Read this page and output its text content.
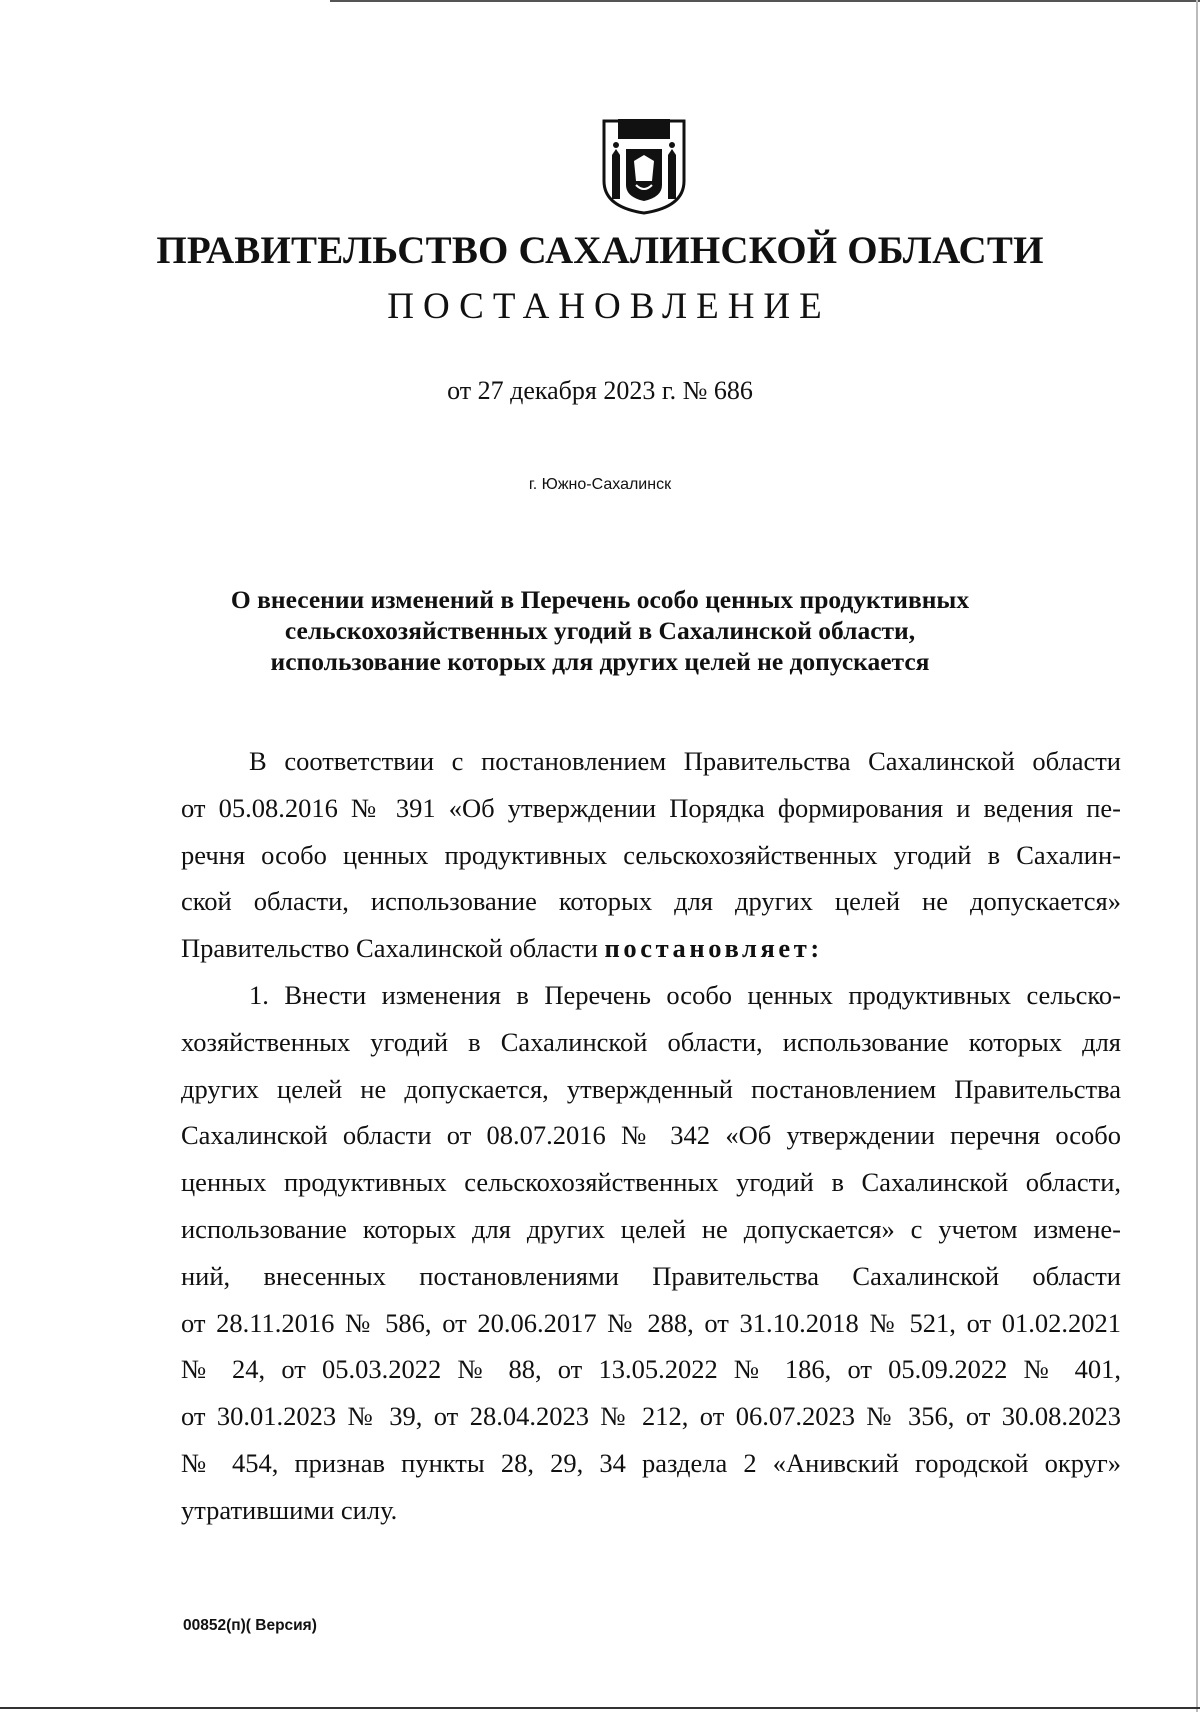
ПРАВИТЕЛЬСТВО САХАЛИНСКОЙ ОБЛАСТИ
ПОСТАНОВЛЕНИЕ
от 27 декабря 2023 г. № 686
г. Южно-Сахалинск
О внесении изменений в Перечень особо ценных продуктивных
сельскохозяйственных угодий в Сахалинской области,
использование которых для других целей не допускается
В соответствии с постановлением Правительства Сахалинской области
от 05.08.2016 № 391 «Об утверждении Порядка формирования и ведения пе-
речня особо ценных продуктивных сельскохозяйственных угодий в Сахалин-
ской области, использование которых для других целей не допускается»
Правительство Сахалинской области постановляет:
1. Внести изменения в Перечень особо ценных продуктивных сельско-
хозяйственных угодий в Сахалинской области, использование которых для
других целей не допускается, утвержденный постановлением Правительства
Сахалинской области от 08.07.2016 № 342 «Об утверждении перечня особо
ценных продуктивных сельскохозяйственных угодий в Сахалинской области,
использование которых для других целей не допускается» с учетом измене-
ний, внесенных постановлениями Правительства Сахалинской области
от 28.11.2016 № 586, от 20.06.2017 № 288, от 31.10.2018 № 521, от 01.02.2021
№ 24, от 05.03.2022 № 88, от 13.05.2022 № 186, от 05.09.2022 № 401,
от 30.01.2023 № 39, от 28.04.2023 № 212, от 06.07.2023 № 356, от 30.08.2023
№ 454, признав пункты 28, 29, 34 раздела 2 «Анивский городской округ»
утратившими силу.
00852(п)( Версия)
